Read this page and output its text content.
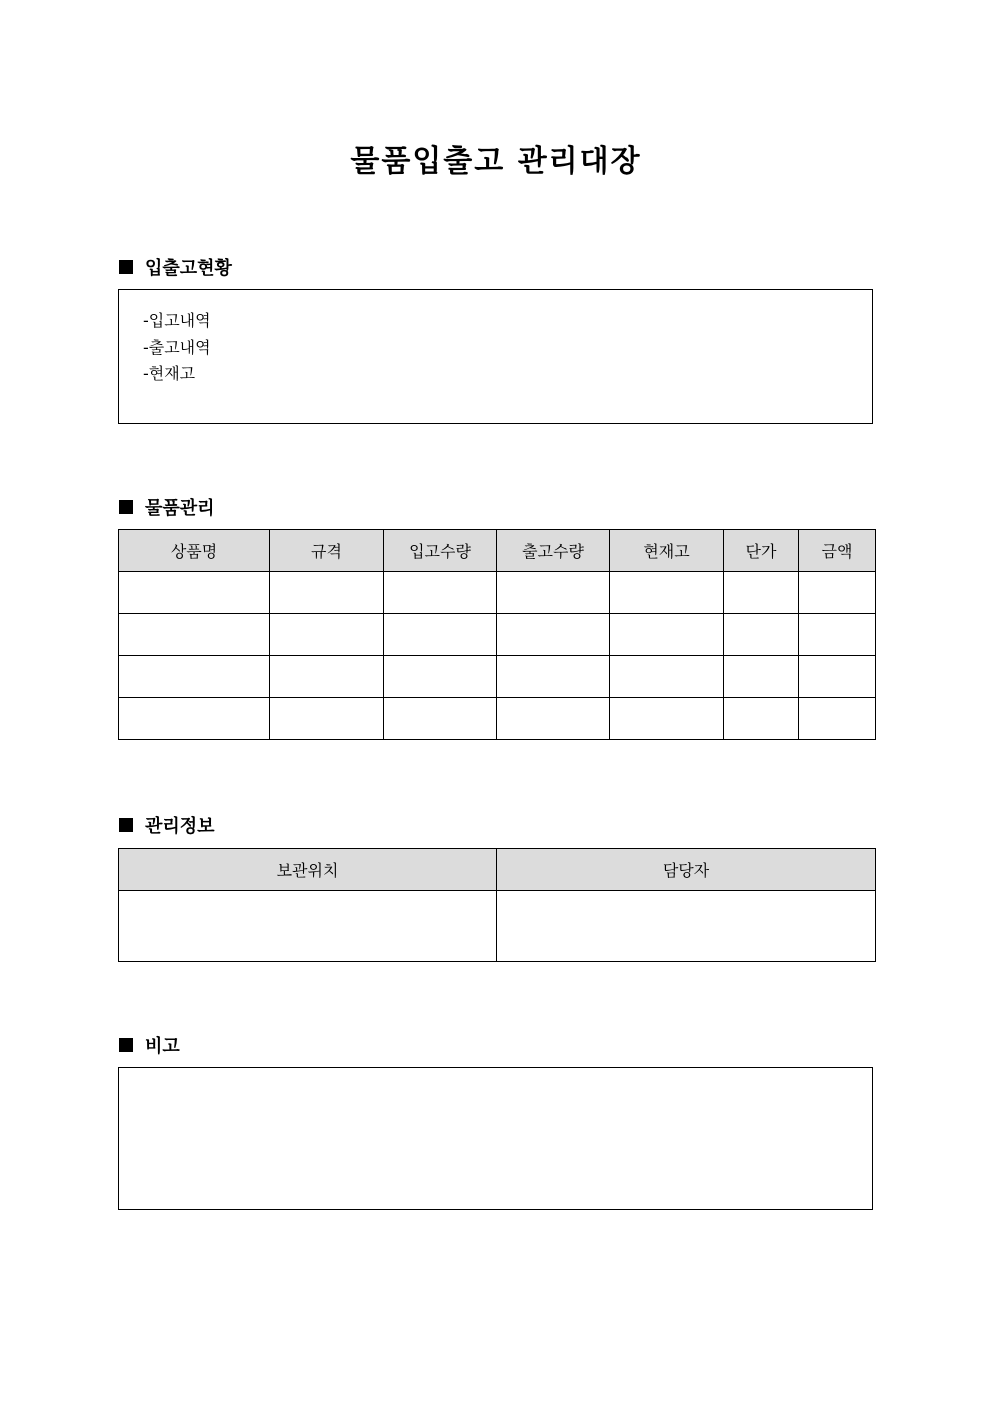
물품입출고 관리대장
입출고현황
-입고내역
-출고내역
-현재고
물품관리
상품명	규격	입고수량	출고수량	현재고	단가	금액

관리정보
보관위치	담당자

비고
